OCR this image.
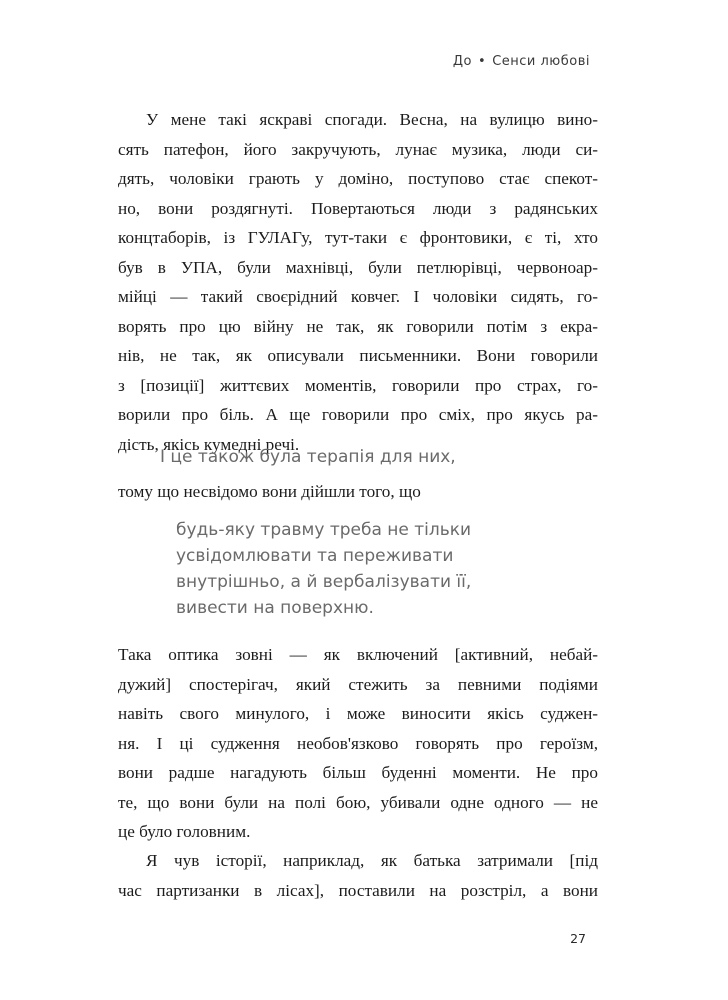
До • Сенси любові
У мене такі яскраві спогади. Весна, на вулицю вино-
сять патефон, його закручують, лунає музика, люди си-
дять, чоловіки грають у доміно, поступово стає спекот-
но, вони роздягнуті. Повертаються люди з радянських
концтаборів, із ГУЛАГу, тут-таки є фронтовики, є ті, хто
був в УПА, були махнівці, були петлюрівці, червоноар-
мійці — такий своєрідний ковчег. І чоловіки сидять, го-
ворять про цю війну не так, як говорили потім з екра-
нів, не так, як описували письменники. Вони говорили
з [позиції] життєвих моментів, говорили про страх, го-
ворили про біль. А ще говорили про сміх, про якусь ра-
дість, якісь кумедні речі.
І це також була терапія для них,
тому що несвідомо вони дійшли того, що
будь-яку травму треба не тільки
усвідомлювати та переживати
внутрішньо, а й вербалізувати її,
вивести на поверхню.
Така оптика зовні — як включений [активний, небай-
дужий] спостерігач, який стежить за певними подіями
навіть свого минулого, і може виносити якісь суджен-
ня. І ці судження необов'язково говорять про героїзм,
вони радше нагадують більш буденні моменти. Не про
те, що вони були на полі бою, убивали одне одного — не
це було головним.
Я чув історії, наприклад, як батька затримали [під
час партизанки в лісах], поставили на розстріл, а вони
27
